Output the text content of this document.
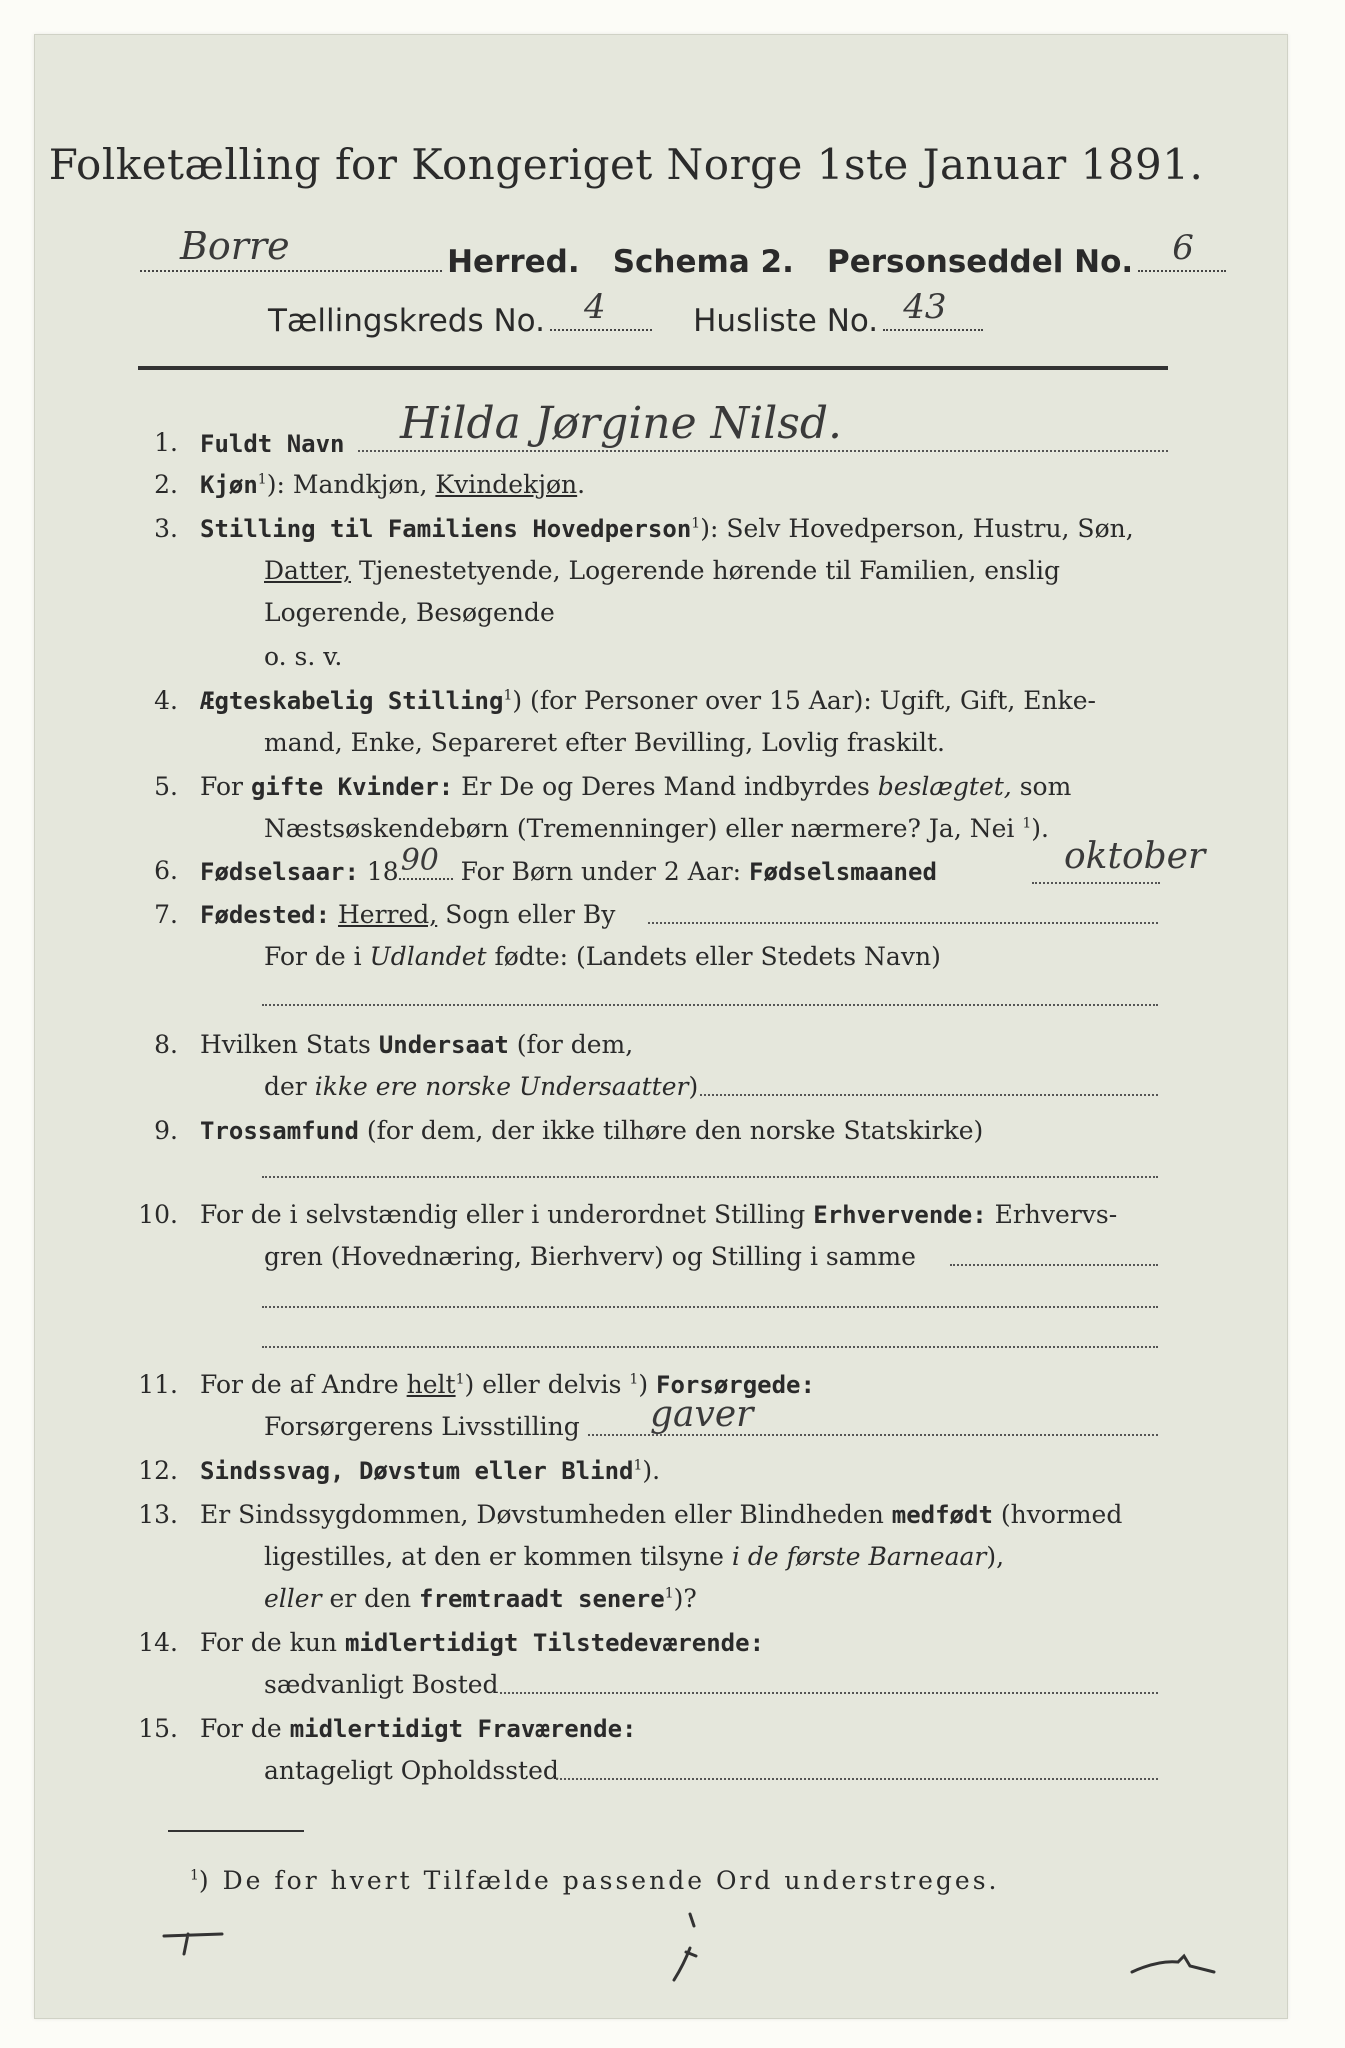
Folketælling for Kongeriget Norge 1ste Januar 1891.
Borre	Herred. Schema 2. Personseddel No. 6
Tællingskreds No. 4	Husliste No. 43
1. Fuldt Navn Hilda Jørgine Nilsd.
2. Kjøn$^1$): Mandkjøn, Kvindekjøn.
3. Stilling til Familiens Hovedperson$^1$): Selv Hovedperson, Hustru, Søn,
Datter, Tjenestetyende, Logerende hørende til Familien, enslig
Logerende, Besøgende
o. s. v.
4. Ægteskabelig Stilling$^1$) (for Personer over 15 Aar): Ugift, Gift, Enke-
mand, Enke, Separeret efter Bevilling, Lovlig fraskilt.
5. For gifte Kvinder: Er De og Deres Mand indbyrdes beslægtet, som
Næstsøskendebørn (Tremenninger) eller nærmere? Ja, Nei $^1$).
6. Fødselsaar: 18 90 For Børn under 2 Aar: Fødselsmaaned	oktober
7. Fødested: Herred, Sogn eller By
For de i Udlandet fødte: (Landets eller Stedets Navn)
8. Hvilken Stats Undersaat (for dem,
der ikke ere norske Undersaatter)
9. Trossamfund (for dem, der ikke tilhøre den norske Statskirke)
10. For de i selvstændig eller i underordnet Stilling Erhvervende: Erhvervs-
gren (Hovednæring, Bierhverv) og Stilling i samme
11. For de af Andre helt$^1$) eller delvis $^1$) Forsørgede:
Forsørgerens Livsstilling gaver
12. Sindssvag, Døvstum eller Blind$^1$).
13. Er Sindssygdommen, Døvstumheden eller Blindheden medfødt (hvormed
ligestilles, at den er kommen tilsyne i de første Barneaar),
eller er den fremtraadt senere$^1$)?
14. For de kun midlertidigt Tilstedeværende:
sædvanligt Bosted
15. For de midlertidigt Fraværende:
antageligt Opholdssted
$^1$) De for hvert Tilfælde passende Ord understreges.
